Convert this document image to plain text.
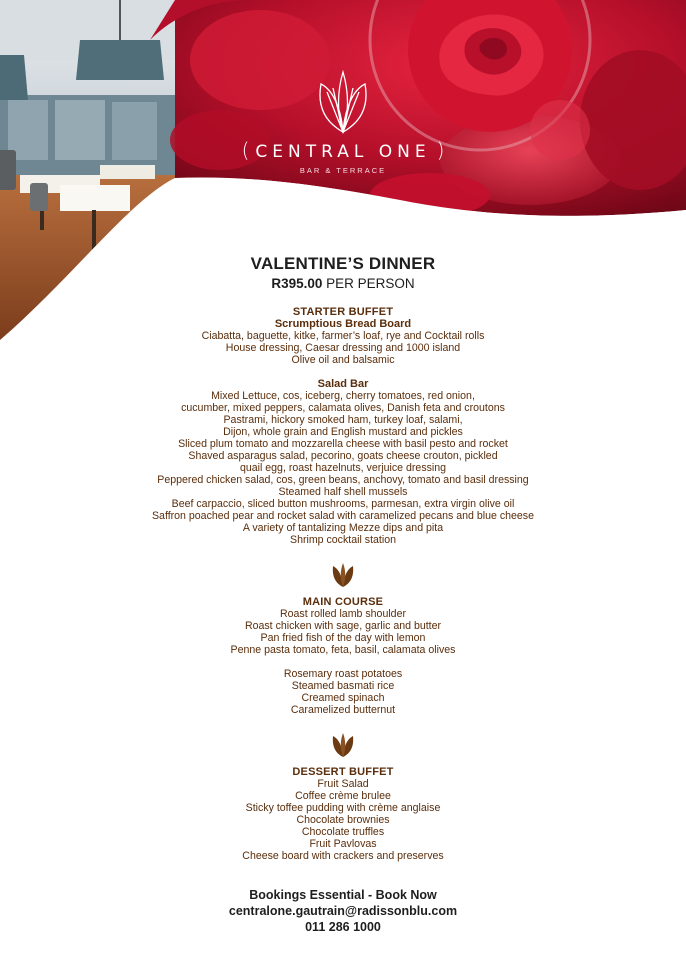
( CENTRAL ONE )
BAR & TERRACE
VALENTINE’S DINNER
R395.00 PER PERSON
STARTER BUFFET
Scrumptious Bread Board
Ciabatta, baguette, kitke, farmer’s loaf, rye and Cocktail rolls
House dressing, Caesar dressing and 1000 island
Olive oil and balsamic
Salad Bar
Mixed Lettuce, cos, iceberg, cherry tomatoes, red onion,
cucumber, mixed peppers, calamata olives, Danish feta and croutons
Pastrami, hickory smoked ham, turkey loaf, salami,
Dijon, whole grain and English mustard and pickles
Sliced plum tomato and mozzarella cheese with basil pesto and rocket
Shaved asparagus salad, pecorino, goats cheese crouton, pickled
quail egg, roast hazelnuts, verjuice dressing
Peppered chicken salad, cos, green beans, anchovy, tomato and basil dressing
Steamed half shell mussels
Beef carpaccio, sliced button mushrooms, parmesan, extra virgin olive oil
Saffron poached pear and rocket salad with caramelized pecans and blue cheese
A variety of tantalizing Mezze dips and pita
Shrimp cocktail station
MAIN COURSE
Roast rolled lamb shoulder
Roast chicken with sage, garlic and butter
Pan fried fish of the day with lemon
Penne pasta tomato, feta, basil, calamata olives
Rosemary roast potatoes
Steamed basmati rice
Creamed spinach
Caramelized butternut
DESSERT BUFFET
Fruit Salad
Coffee crème brulee
Sticky toffee pudding with crème anglaise
Chocolate brownies
Chocolate truffles
Fruit Pavlovas
Cheese board with crackers and preserves
Bookings Essential - Book Now
centralone.gautrain@radissonblu.com
011 286 1000
